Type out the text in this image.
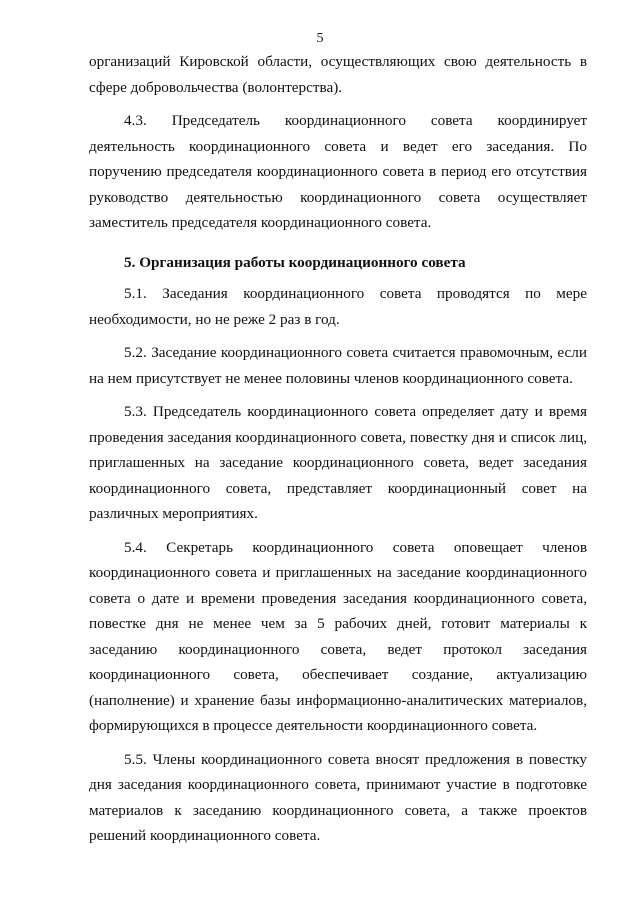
5

организаций Кировской области, осуществляющих свою деятельность в сфере добровольчества (волонтерства).

4.3. Председатель координационного совета координирует деятельность координационного совета и ведет его заседания. По поручению председателя координационного совета в период его отсутствия руководство деятельностью координационного совета осуществляет заместитель председателя координационного совета.

5. Организация работы координационного совета

5.1. Заседания координационного совета проводятся по мере необходимости, но не реже 2 раз в год.

5.2. Заседание координационного совета считается правомочным, если на нем присутствует не менее половины членов координационного совета.

5.3. Председатель координационного совета определяет дату и время проведения заседания координационного совета, повестку дня и список лиц, приглашенных на заседание координационного совета, ведет заседания координационного совета, представляет координационный совет на различных мероприятиях.

5.4. Секретарь координационного совета оповещает членов координационного совета и приглашенных на заседание координационного совета о дате и времени проведения заседания координационного совета, повестке дня не менее чем за 5 рабочих дней, готовит материалы к заседанию координационного совета, ведет протокол заседания координационного совета, обеспечивает создание, актуализацию (наполнение) и хранение базы информационно-аналитических материалов, формирующихся в процессе деятельности координационного совета.

5.5. Члены координационного совета вносят предложения в повестку дня заседания координационного совета, принимают участие в подготовке материалов к заседанию координационного совета, а также проектов решений координационного совета.
